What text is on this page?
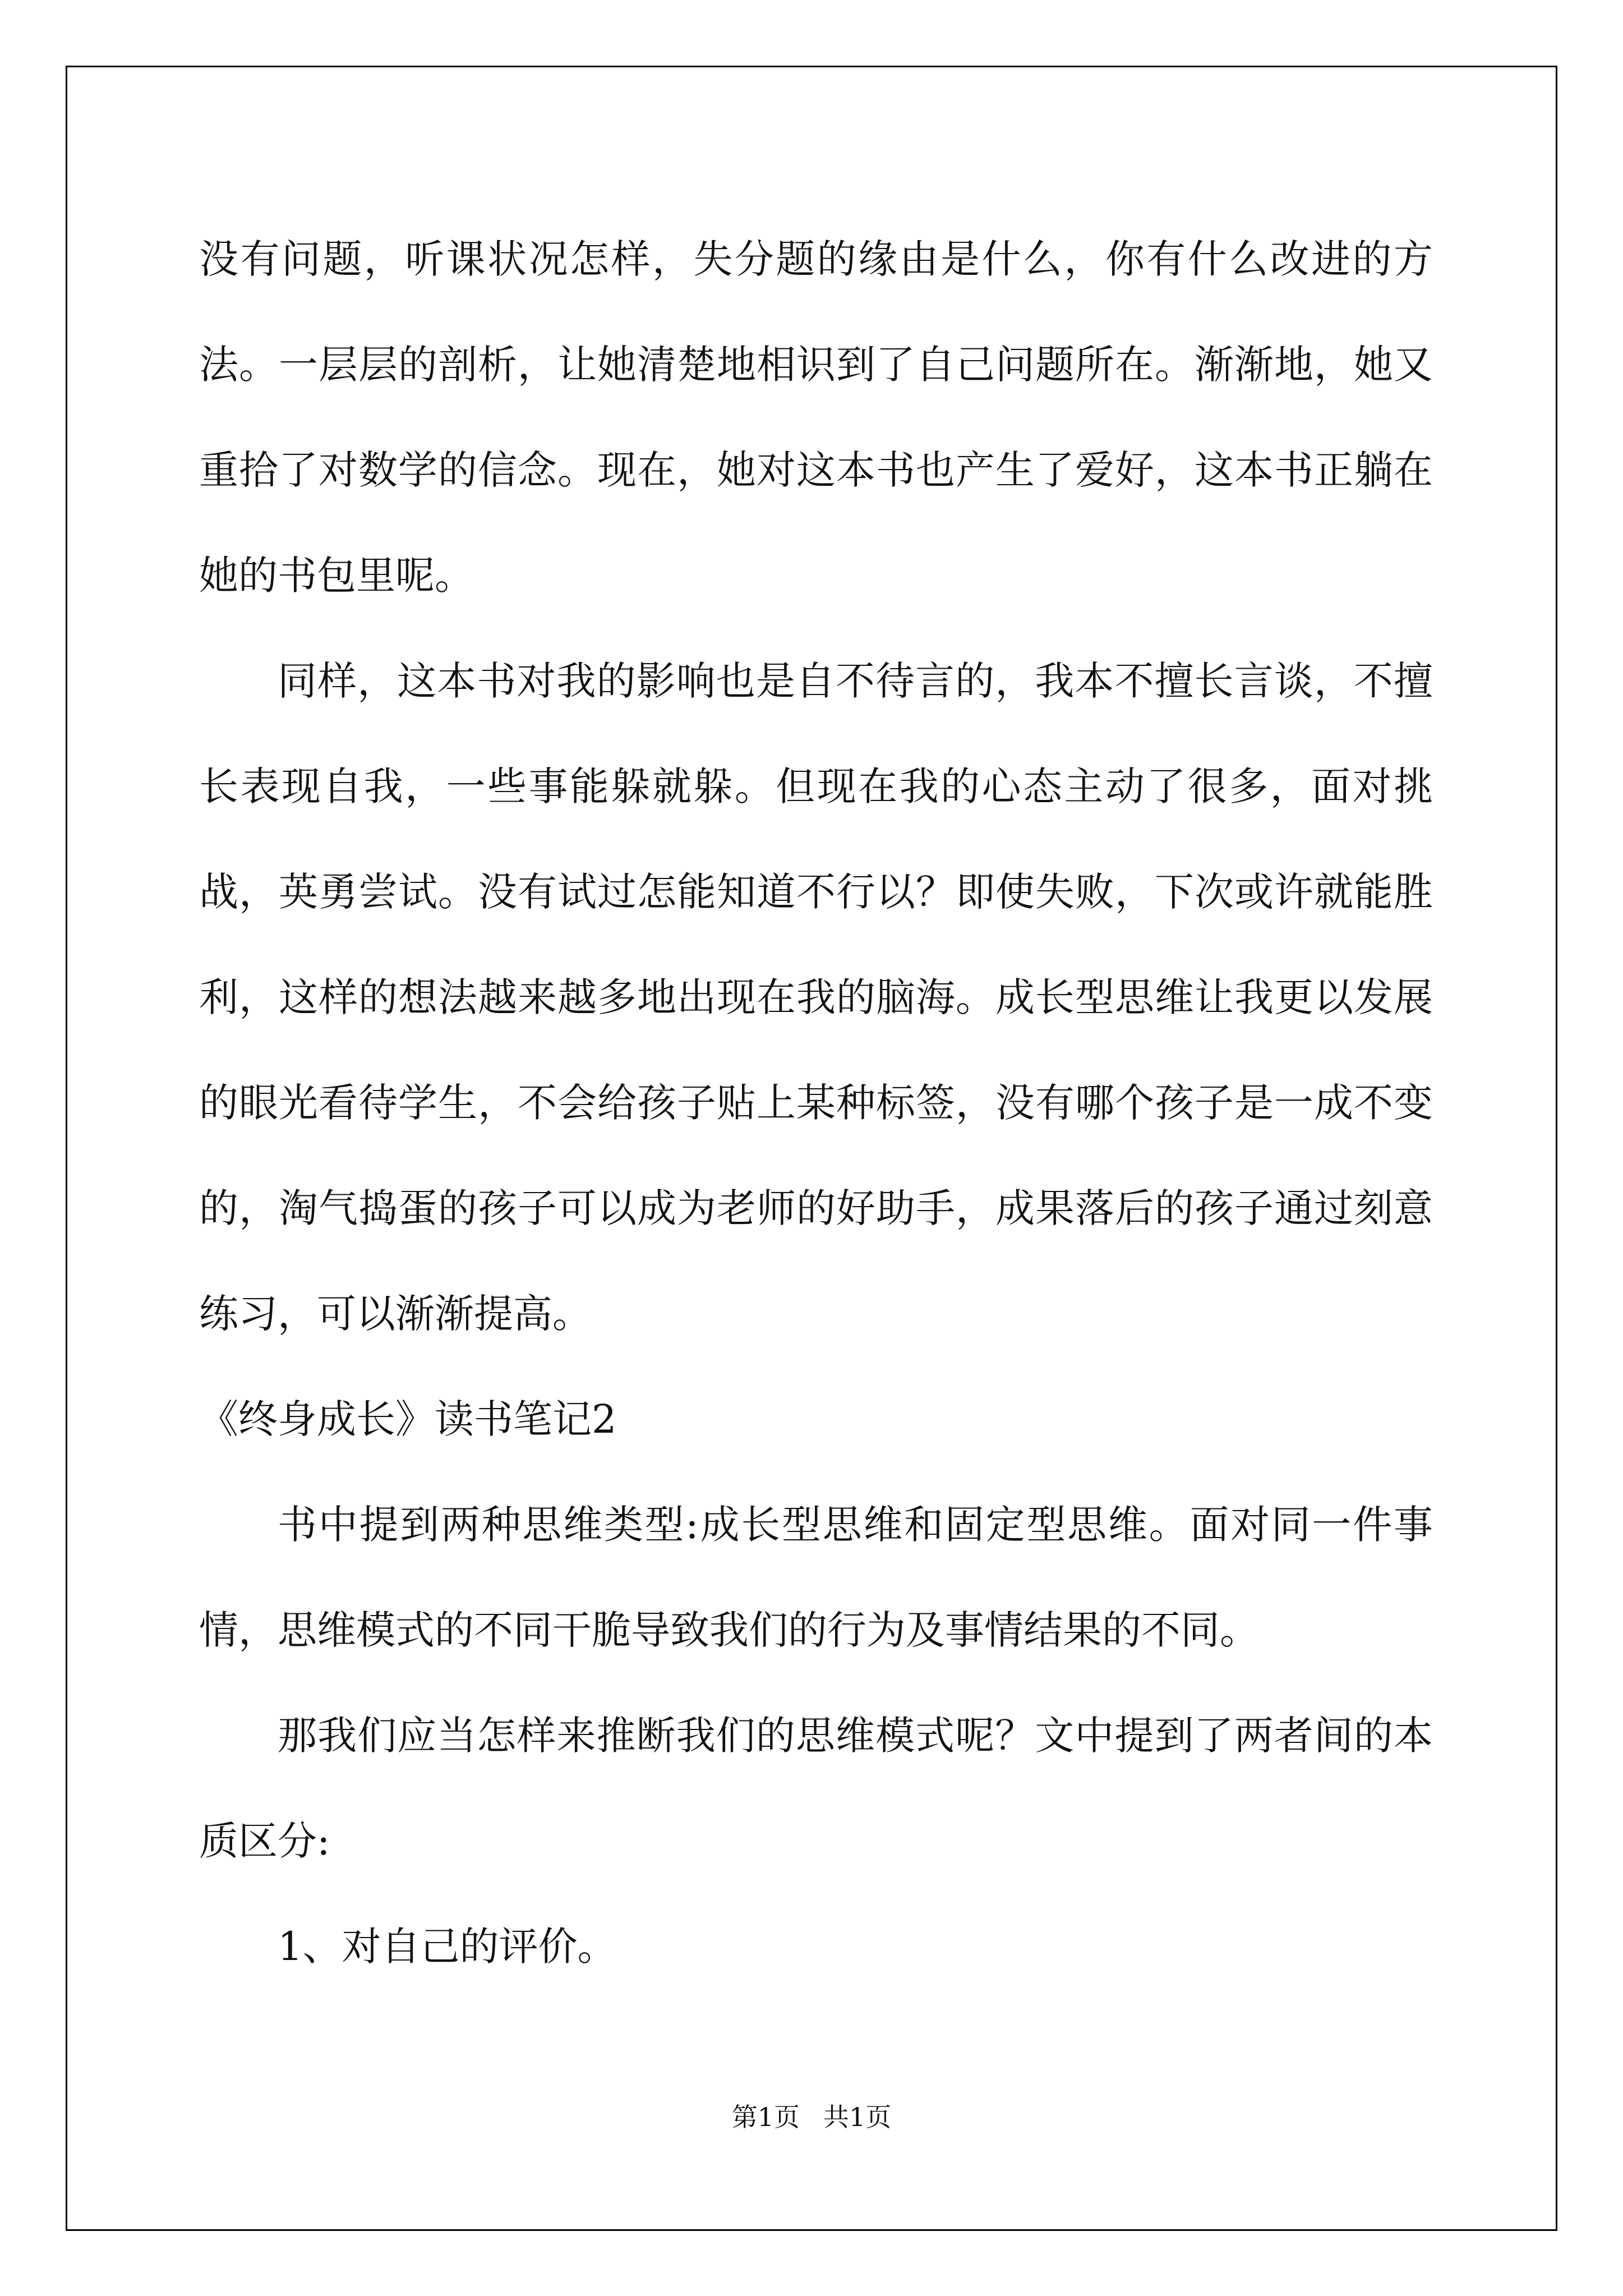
没有问题，听课状况怎样，失分题的缘由是什么，你有什么改进的方法。一层层的剖析，让她清楚地相识到了自己问题所在。渐渐地，她又重拾了对数学的信念。现在，她对这本书也产生了爱好，这本书正躺在她的书包里呢。

同样，这本书对我的影响也是自不待言的，我本不擅长言谈，不擅长表现自我，一些事能躲就躲。但现在我的心态主动了很多，面对挑战，英勇尝试。没有试过怎能知道不行以？即使失败，下次或许就能胜利，这样的想法越来越多地出现在我的脑海。成长型思维让我更以发展的眼光看待学生，不会给孩子贴上某种标签，没有哪个孩子是一成不变的，淘气捣蛋的孩子可以成为老师的好助手，成果落后的孩子通过刻意练习，可以渐渐提高。

《终身成长》读书笔记2

书中提到两种思维类型:成长型思维和固定型思维。面对同一件事情，思维模式的不同干脆导致我们的行为及事情结果的不同。

那我们应当怎样来推断我们的思维模式呢？文中提到了两者间的本质区分:

1、对自己的评价。

第1页 共1页
